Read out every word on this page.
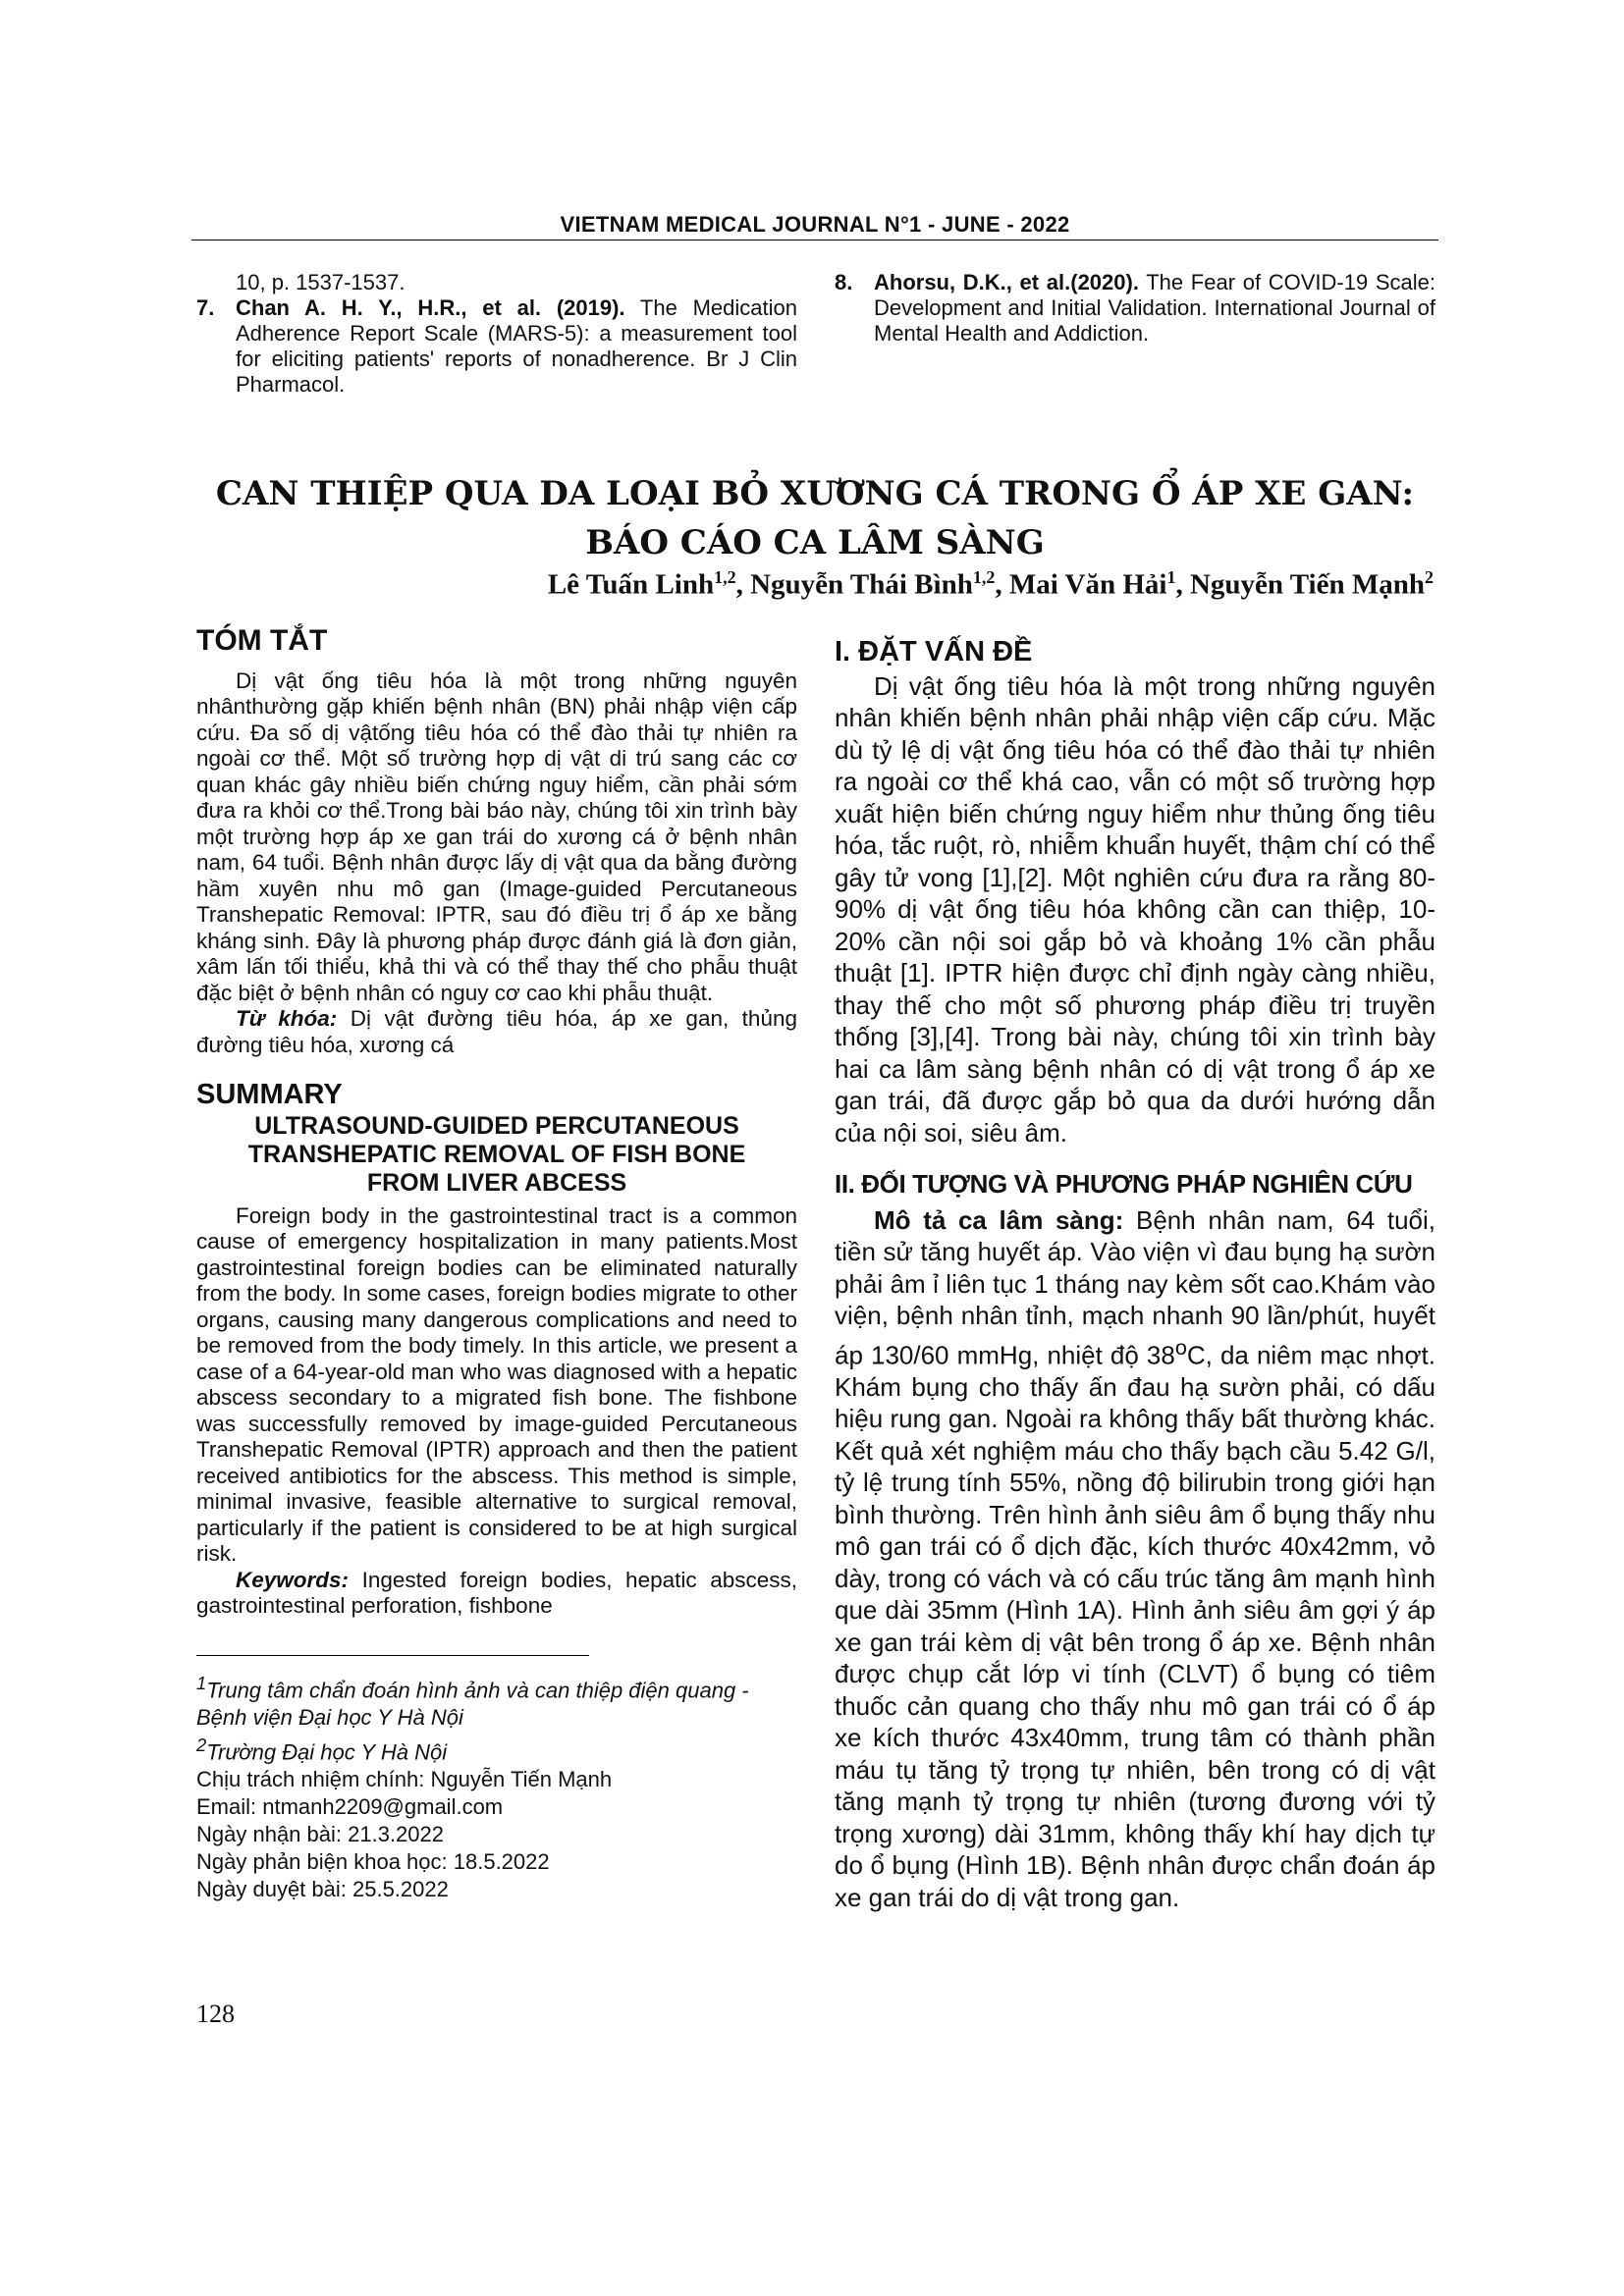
VIETNAM MEDICAL JOURNAL N°1 - JUNE - 2022
10, p. 1537-1537.
7. Chan A. H. Y., H.R., et al. (2019). The Medication Adherence Report Scale (MARS-5): a measurement tool for eliciting patients' reports of nonadherence. Br J Clin Pharmacol.
8. Ahorsu, D.K., et al.(2020). The Fear of COVID-19 Scale: Development and Initial Validation. International Journal of Mental Health and Addiction.
CAN THIỆP QUA DA LOẠI BỎ XƯƠNG CÁ TRONG Ổ ÁP XE GAN:
BÁO CÁO CA LÂM SÀNG
Lê Tuấn Linh$^{1,2}$, Nguyễn Thái Bình$^{1,2}$, Mai Văn Hải$^1$, Nguyễn Tiến Mạnh$^2$
TÓM TẮT

Dị vật ống tiêu hóa là một trong những nguyên nhânthường gặp khiến bệnh nhân (BN) phải nhập viện cấp cứu. Đa số dị vậtống tiêu hóa có thể đào thải tự nhiên ra ngoài cơ thể. Một số trường hợp dị vật di trú sang các cơ quan khác gây nhiều biến chứng nguy hiểm, cần phải sớm đưa ra khỏi cơ thể.Trong bài báo này, chúng tôi xin trình bày một trường hợp áp xe gan trái do xương cá ở bệnh nhân nam, 64 tuổi. Bệnh nhân được lấy dị vật qua da bằng đường hầm xuyên nhu mô gan (Image-guided Percutaneous Transhepatic Removal: IPTR, sau đó điều trị ổ áp xe bằng kháng sinh. Đây là phương pháp được đánh giá là đơn giản, xâm lấn tối thiểu, khả thi và có thể thay thế cho phẫu thuật đặc biệt ở bệnh nhân có nguy cơ cao khi phẫu thuật.

Từ khóa: Dị vật đường tiêu hóa, áp xe gan, thủng đường tiêu hóa, xương cá

SUMMARY
ULTRASOUND-GUIDED PERCUTANEOUS
TRANSHEPATIC REMOVAL OF FISH BONE
FROM LIVER ABCESS

Foreign body in the gastrointestinal tract is a common cause of emergency hospitalization in many patients.Most gastrointestinal foreign bodies can be eliminated naturally from the body. In some cases, foreign bodies migrate to other organs, causing many dangerous complications and need to be removed from the body timely. In this article, we present a case of a 64-year-old man who was diagnosed with a hepatic abscess secondary to a migrated fish bone. The fishbone was successfully removed by image-guided Percutaneous Transhepatic Removal (IPTR) approach and then the patient received antibiotics for the abscess. This method is simple, minimal invasive, feasible alternative to surgical removal, particularly if the patient is considered to be at high surgical risk.

Keywords: Ingested foreign bodies, hepatic abscess, gastrointestinal perforation, fishbone

$^1$Trung tâm chẩn đoán hình ảnh và can thiệp điện quang - Bệnh viện Đại học Y Hà Nội

$^2$Trường Đại học Y Hà Nội

Chịu trách nhiệm chính: Nguyễn Tiến Mạnh

Email: ntmanh2209@gmail.com

Ngày nhận bài: 21.3.2022

Ngày phản biện khoa học: 18.5.2022

Ngày duyệt bài: 25.5.2022

I. ĐẶT VẤN ĐỀ

Dị vật ống tiêu hóa là một trong những nguyên nhân khiến bệnh nhân phải nhập viện cấp cứu. Mặc dù tỷ lệ dị vật ống tiêu hóa có thể đào thải tự nhiên ra ngoài cơ thể khá cao, vẫn có một số trường hợp xuất hiện biến chứng nguy hiểm như thủng ống tiêu hóa, tắc ruột, rò, nhiễm khuẩn huyết, thậm chí có thể gây tử vong [1],[2]. Một nghiên cứu đưa ra rằng 80-90% dị vật ống tiêu hóa không cần can thiệp, 10-20% cần nội soi gắp bỏ và khoảng 1% cần phẫu thuật [1]. IPTR hiện được chỉ định ngày càng nhiều, thay thế cho một số phương pháp điều trị truyền thống [3],[4]. Trong bài này, chúng tôi xin trình bày hai ca lâm sàng bệnh nhân có dị vật trong ổ áp xe gan trái, đã được gắp bỏ qua da dưới hướng dẫn của nội soi, siêu âm.

II. ĐỐI TƯỢNG VÀ PHƯƠNG PHÁP NGHIÊN CỨU

Mô tả ca lâm sàng: Bệnh nhân nam, 64 tuổi, tiền sử tăng huyết áp. Vào viện vì đau bụng hạ sườn phải âm ỉ liên tục 1 tháng nay kèm sốt cao.Khám vào viện, bệnh nhân tỉnh, mạch nhanh 90 lần/phút, huyết áp 130/60 mmHg, nhiệt độ 38$^o$C, da niêm mạc nhợt. Khám bụng cho thấy ấn đau hạ sườn phải, có dấu hiệu rung gan. Ngoài ra không thấy bất thường khác. Kết quả xét nghiệm máu cho thấy bạch cầu 5.42 G/l, tỷ lệ trung tính 55%, nồng độ bilirubin trong giới hạn bình thường. Trên hình ảnh siêu âm ổ bụng thấy nhu mô gan trái có ổ dịch đặc, kích thước 40x42mm, vỏ dày, trong có vách và có cấu trúc tăng âm mạnh hình que dài 35mm (Hình 1A). Hình ảnh siêu âm gợi ý áp xe gan trái kèm dị vật bên trong ổ áp xe. Bệnh nhân được chụp cắt lớp vi tính (CLVT) ổ bụng có tiêm thuốc cản quang cho thấy nhu mô gan trái có ổ áp xe kích thước 43x40mm, trung tâm có thành phần máu tụ tăng tỷ trọng tự nhiên, bên trong có dị vật tăng mạnh tỷ trọng tự nhiên (tương đương với tỷ trọng xương) dài 31mm, không thấy khí hay dịch tự do ổ bụng (Hình 1B). Bệnh nhân được chẩn đoán áp xe gan trái do dị vật trong gan.

128
